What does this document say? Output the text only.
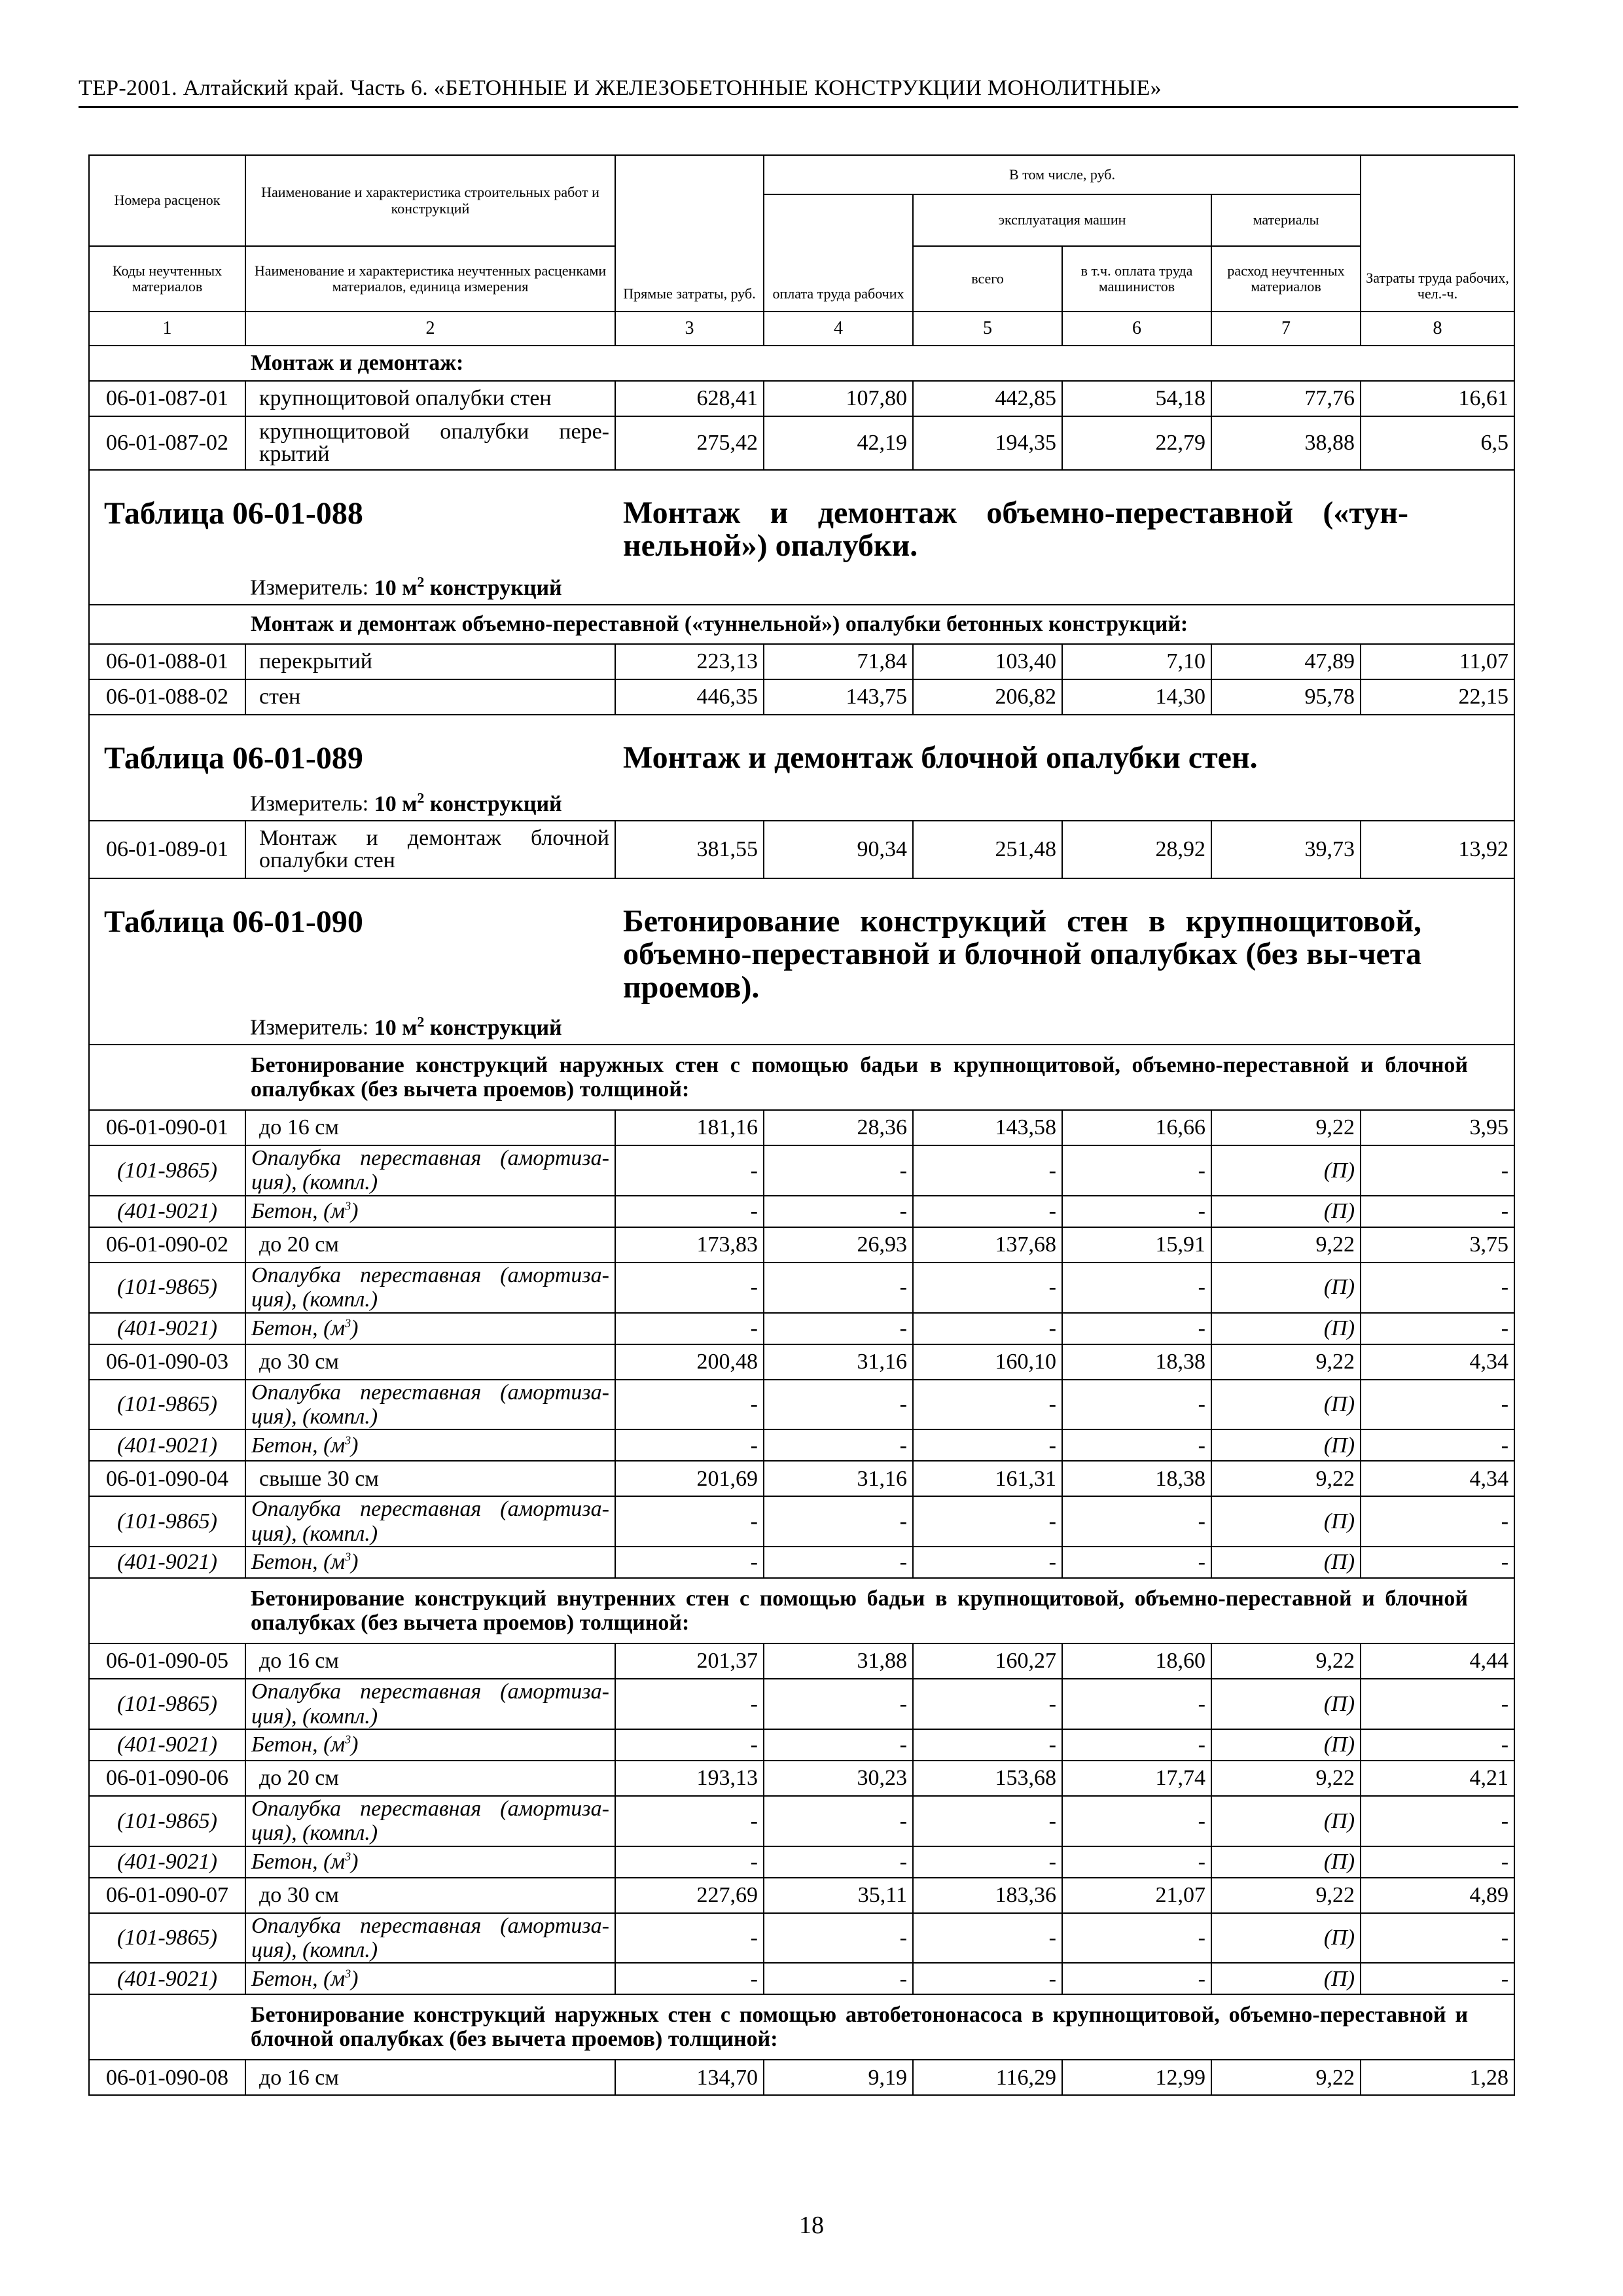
ТЕР-2001. Алтайский край. Часть 6. «БЕТОННЫЕ И ЖЕЛЕЗОБЕТОННЫЕ КОНСТРУКЦИИ МОНОЛИТНЫЕ»
Номера расценок	Наименование и характеристика строительных работ и конструкций	Прямые затраты, руб.	В том числе, руб.				Затраты труда рабочих, чел.-ч.
			оплата труда рабочих	эксплуатация машин		материалы	
Коды неучтенных материалов	Наименование и характеристика неучтенных расценками материалов, единица измерения			всего	в т.ч. оплата труда машинистов	расход неучтенных материалов	
1	2	3	4	5	6	7	8
	Монтаж и демонтаж:						
06-01-087-01	крупнощитовой опалубки стен	628,41	107,80	442,85	54,18	77,76	16,61
06-01-087-02	крупнощитовой опалубки пере-крытий	275,42	42,19	194,35	22,79	38,88	6,5

Таблица 06-01-088 Монтаж и демонтаж объемно-переставной («тун-нельной») опалубки.
Измеритель: 10 $м^2$ конструкций							

	Монтаж и демонтаж объемно-переставной («туннельной») опалубки бетонных конструкций:						
06-01-088-01	перекрытий	223,13	71,84	103,40	7,10	47,89	11,07
06-01-088-02	стен	446,35	143,75	206,82	14,30	95,78	22,15

Таблица 06-01-089 Монтаж и демонтаж блочной опалубки стен.
Измеритель: 10 $м^2$ конструкций							

06-01-089-01	Монтаж и демонтаж блочной опалубки стен	381,55	90,34	251,48	28,92	39,73	13,92

Таблица 06-01-090 Бетонирование конструкций стен в крупнощитовой, объемно-переставной и блочной опалубках (без вы-чета проемов).
Измеритель: 10 $м^2$ конструкций							

	Бетонирование конструкций наружных стен с помощью бадьи в крупнощитовой, объемно-переставной и блочной опалубках (без вычета проемов) толщиной:						
06-01-090-01	до 16 см	181,16	28,36	143,58	16,66	9,22	3,95
(101-9865)	Опалубка переставная (амортиза-ция), (компл.)	-	-	-	-	(П)	-
(401-9021)	Бетон, $(м^3)$	-	-	-	-	(П)	-
06-01-090-02	до 20 см	173,83	26,93	137,68	15,91	9,22	3,75
(101-9865)	Опалубка переставная (амортиза-ция), (компл.)	-	-	-	-	(П)	-
(401-9021)	Бетон, $(м^3)$	-	-	-	-	(П)	-
06-01-090-03	до 30 см	200,48	31,16	160,10	18,38	9,22	4,34
(101-9865)	Опалубка переставная (амортиза-ция), (компл.)	-	-	-	-	(П)	-
(401-9021)	Бетон, $(м^3)$	-	-	-	-	(П)	-
06-01-090-04	свыше 30 см	201,69	31,16	161,31	18,38	9,22	4,34
(101-9865)	Опалубка переставная (амортиза-ция), (компл.)	-	-	-	-	(П)	-
(401-9021)	Бетон, $(м^3)$	-	-	-	-	(П)	-
	Бетонирование конструкций внутренних стен с помощью бадьи в крупнощитовой, объемно-переставной и блочной опалубках (без вычета проемов) толщиной:						
06-01-090-05	до 16 см	201,37	31,88	160,27	18,60	9,22	4,44
(101-9865)	Опалубка переставная (амортиза-ция), (компл.)	-	-	-	-	(П)	-
(401-9021)	Бетон, $(м^3)$	-	-	-	-	(П)	-
06-01-090-06	до 20 см	193,13	30,23	153,68	17,74	9,22	4,21
(101-9865)	Опалубка переставная (амортиза-ция), (компл.)	-	-	-	-	(П)	-
(401-9021)	Бетон, $(м^3)$	-	-	-	-	(П)	-
06-01-090-07	до 30 см	227,69	35,11	183,36	21,07	9,22	4,89
(101-9865)	Опалубка переставная (амортиза-ция), (компл.)	-	-	-	-	(П)	-
(401-9021)	Бетон, $(м^3)$	-	-	-	-	(П)	-
	Бетонирование конструкций наружных стен с помощью автобетононасоса в крупнощитовой, объемно-переставной и блочной опалубках (без вычета проемов) толщиной:						
06-01-090-08	до 16 см	134,70	9,19	116,29	12,99	9,22	1,28
18
